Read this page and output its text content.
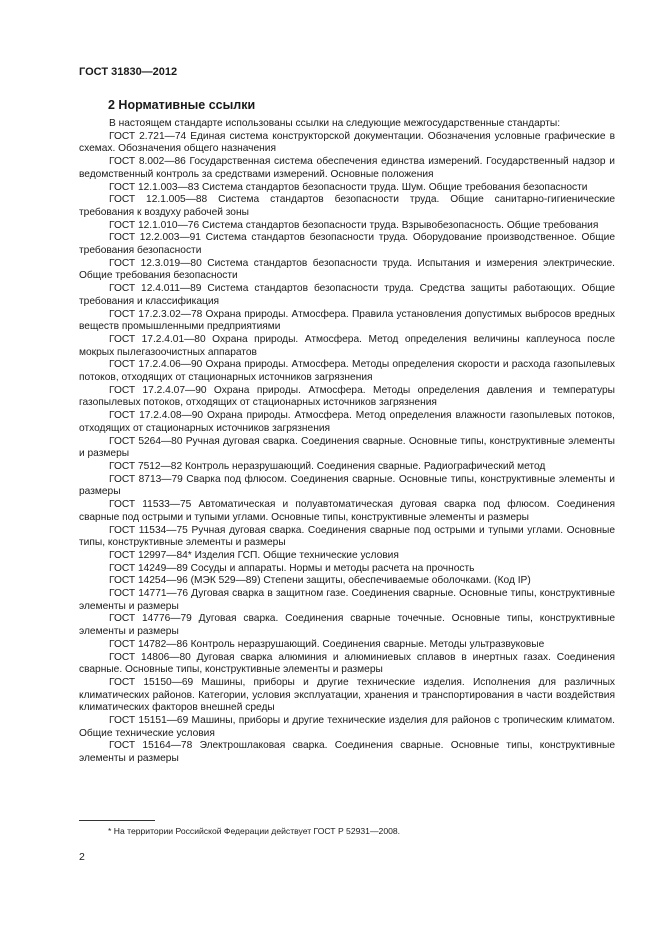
ГОСТ 31830—2012
2 Нормативные ссылки

В настоящем стандарте использованы ссылки на следующие межгосударственные стандарты:

ГОСТ 2.721—74 Единая система конструкторской документации. Обозначения условные графические в схемах. Обозначения общего назначения

ГОСТ 8.002—86 Государственная система обеспечения единства измерений. Государственный надзор и ведомственный контроль за средствами измерений. Основные положения

ГОСТ 12.1.003—83 Система стандартов безопасности труда. Шум. Общие требования безопасности

ГОСТ 12.1.005—88 Система стандартов безопасности труда. Общие санитарно-гигиенические требования к воздуху рабочей зоны

ГОСТ 12.1.010—76 Система стандартов безопасности труда. Взрывобезопасность. Общие требования

ГОСТ 12.2.003—91 Система стандартов безопасности труда. Оборудование производственное. Общие требования безопасности

ГОСТ 12.3.019—80 Система стандартов безопасности труда. Испытания и измерения электрические. Общие требования безопасности

ГОСТ 12.4.011—89 Система стандартов безопасности труда. Средства защиты работающих. Общие требования и классификация

ГОСТ 17.2.3.02—78 Охрана природы. Атмосфера. Правила установления допустимых выбросов вредных веществ промышленными предприятиями

ГОСТ 17.2.4.01—80 Охрана природы. Атмосфера. Метод определения величины каплеуноса после мокрых пылегазоочистных аппаратов

ГОСТ 17.2.4.06—90 Охрана природы. Атмосфера. Методы определения скорости и расхода газопылевых потоков, отходящих от стационарных источников загрязнения

ГОСТ 17.2.4.07—90 Охрана природы. Атмосфера. Методы определения давления и температуры газопылевых потоков, отходящих от стационарных источников загрязнения

ГОСТ 17.2.4.08—90 Охрана природы. Атмосфера. Метод определения влажности газопылевых потоков, отходящих от стационарных источников загрязнения

ГОСТ 5264—80 Ручная дуговая сварка. Соединения сварные. Основные типы, конструктивные элементы и размеры

ГОСТ 7512—82 Контроль неразрушающий. Соединения сварные. Радиографический метод

ГОСТ 8713—79 Сварка под флюсом. Соединения сварные. Основные типы, конструктивные элементы и размеры

ГОСТ 11533—75 Автоматическая и полуавтоматическая дуговая сварка под флюсом. Соединения сварные под острыми и тупыми углами. Основные типы, конструктивные элементы и размеры

ГОСТ 11534—75 Ручная дуговая сварка. Соединения сварные под острыми и тупыми углами. Основные типы, конструктивные элементы и размеры

ГОСТ 12997—84* Изделия ГСП. Общие технические условия

ГОСТ 14249—89 Сосуды и аппараты. Нормы и методы расчета на прочность

ГОСТ 14254—96 (МЭК 529—89) Степени защиты, обеспечиваемые оболочками. (Код IP)

ГОСТ 14771—76 Дуговая сварка в защитном газе. Соединения сварные. Основные типы, конструктивные элементы и размеры

ГОСТ 14776—79 Дуговая сварка. Соединения сварные точечные. Основные типы, конструктивные элементы и размеры

ГОСТ 14782—86 Контроль неразрушающий. Соединения сварные. Методы ультразвуковые

ГОСТ 14806—80 Дуговая сварка алюминия и алюминиевых сплавов в инертных газах. Соединения сварные. Основные типы, конструктивные элементы и размеры

ГОСТ 15150—69 Машины, приборы и другие технические изделия. Исполнения для различных климатических районов. Категории, условия эксплуатации, хранения и транспортирования в части воздействия климатических факторов внешней среды

ГОСТ 15151—69 Машины, приборы и другие технические изделия для районов с тропическим климатом. Общие технические условия

ГОСТ 15164—78 Электрошлаковая сварка. Соединения сварные. Основные типы, конструктивные элементы и размеры

* На территории Российской Федерации действует ГОСТ Р 52931—2008.
2
